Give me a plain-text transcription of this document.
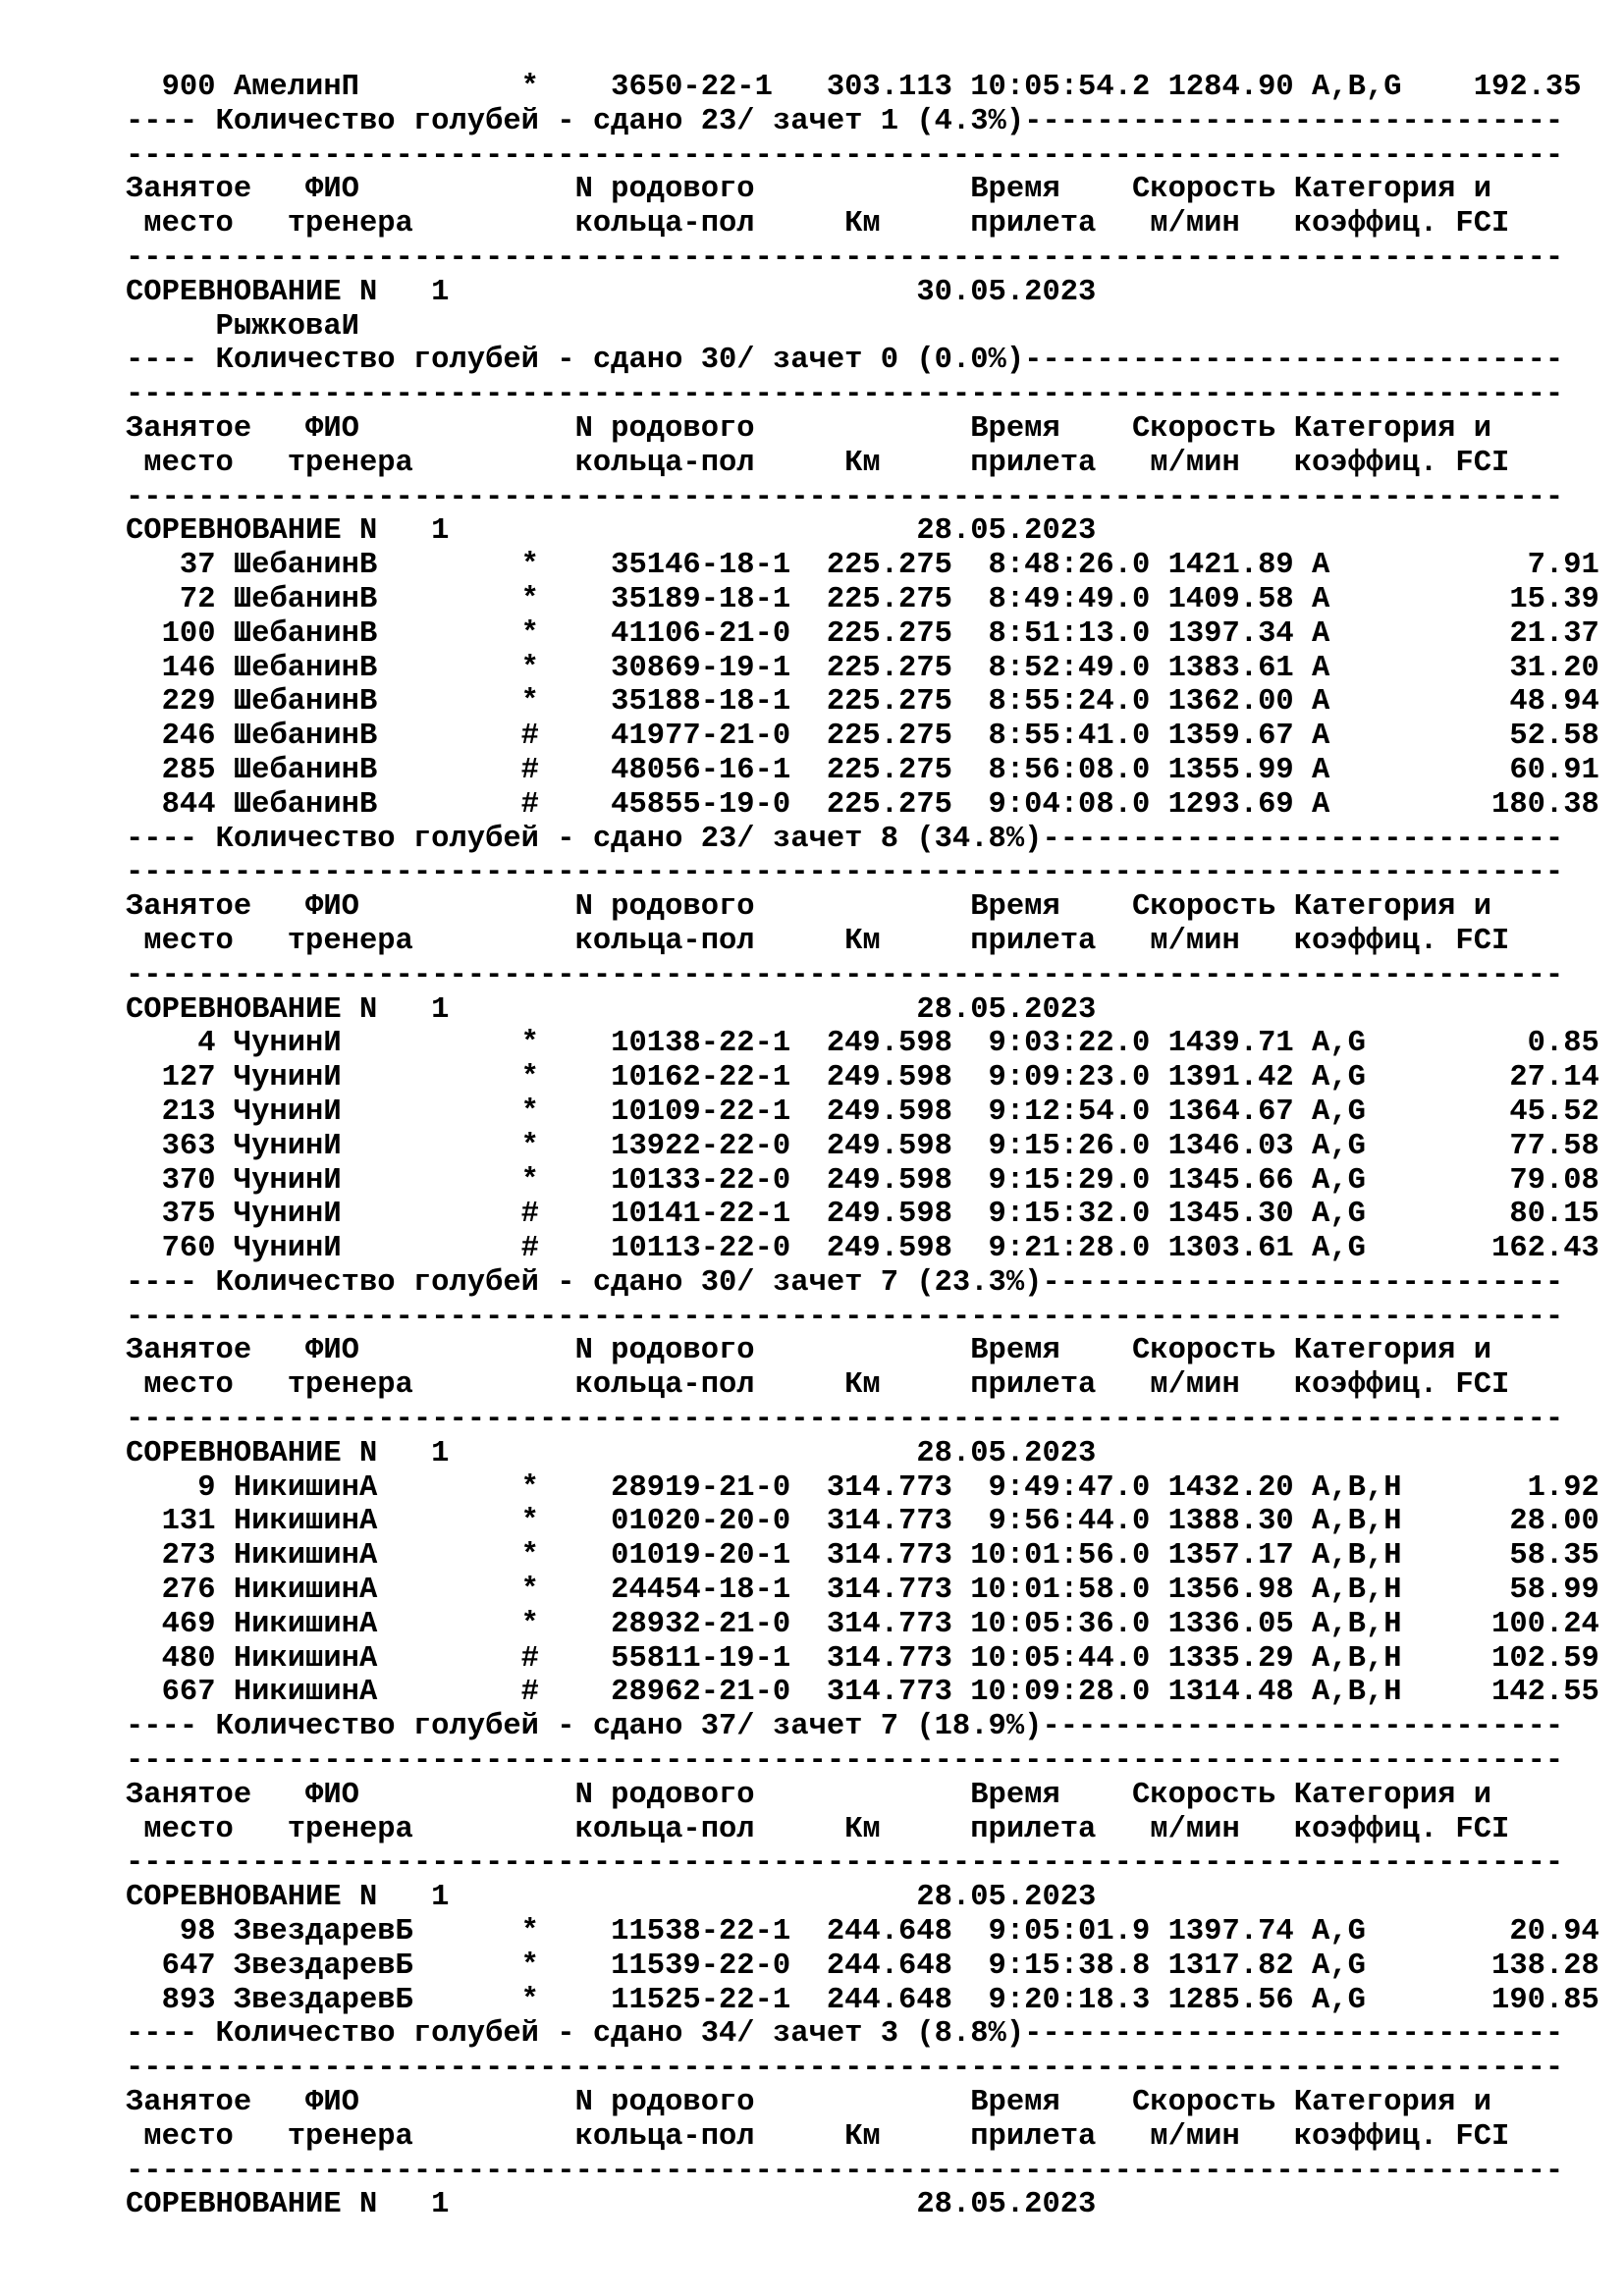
900 АмелинП         *    3650-22-1   303.113 10:05:54.2 1284.90 A,B,G    192.35
---- Количество голубей - сдано 23/ зачет 1 (4.3%)------------------------------
--------------------------------------------------------------------------------
Занятое   ФИО            N родового            Время    Скорость Категория и
место   тренера         кольца-пол     Км     прилета   м/мин   коэффиц. FCI
--------------------------------------------------------------------------------
СОРЕВНОВАНИЕ N   1                          30.05.2023
РыжковаИ
---- Количество голубей - сдано 30/ зачет 0 (0.0%)------------------------------
--------------------------------------------------------------------------------
Занятое   ФИО            N родового            Время    Скорость Категория и
место   тренера         кольца-пол     Км     прилета   м/мин   коэффиц. FCI
--------------------------------------------------------------------------------
СОРЕВНОВАНИЕ N   1                          28.05.2023
37 ШебанинВ        *    35146-18-1  225.275  8:48:26.0 1421.89 A           7.91
72 ШебанинВ        *    35189-18-1  225.275  8:49:49.0 1409.58 A          15.39
100 ШебанинВ        *    41106-21-0  225.275  8:51:13.0 1397.34 A          21.37
146 ШебанинВ        *    30869-19-1  225.275  8:52:49.0 1383.61 A          31.20
229 ШебанинВ        *    35188-18-1  225.275  8:55:24.0 1362.00 A          48.94
246 ШебанинВ        #    41977-21-0  225.275  8:55:41.0 1359.67 A          52.58
285 ШебанинВ        #    48056-16-1  225.275  8:56:08.0 1355.99 A          60.91
844 ШебанинВ        #    45855-19-0  225.275  9:04:08.0 1293.69 A         180.38
---- Количество голубей - сдано 23/ зачет 8 (34.8%)-----------------------------
--------------------------------------------------------------------------------
Занятое   ФИО            N родового            Время    Скорость Категория и
место   тренера         кольца-пол     Км     прилета   м/мин   коэффиц. FCI
--------------------------------------------------------------------------------
СОРЕВНОВАНИЕ N   1                          28.05.2023
4 ЧунинИ          *    10138-22-1  249.598  9:03:22.0 1439.71 A,G         0.85
127 ЧунинИ          *    10162-22-1  249.598  9:09:23.0 1391.42 A,G        27.14
213 ЧунинИ          *    10109-22-1  249.598  9:12:54.0 1364.67 A,G        45.52
363 ЧунинИ          *    13922-22-0  249.598  9:15:26.0 1346.03 A,G        77.58
370 ЧунинИ          *    10133-22-0  249.598  9:15:29.0 1345.66 A,G        79.08
375 ЧунинИ          #    10141-22-1  249.598  9:15:32.0 1345.30 A,G        80.15
760 ЧунинИ          #    10113-22-0  249.598  9:21:28.0 1303.61 A,G       162.43
---- Количество голубей - сдано 30/ зачет 7 (23.3%)-----------------------------
--------------------------------------------------------------------------------
Занятое   ФИО            N родового            Время    Скорость Категория и
место   тренера         кольца-пол     Км     прилета   м/мин   коэффиц. FCI
--------------------------------------------------------------------------------
СОРЕВНОВАНИЕ N   1                          28.05.2023
9 НикишинА        *    28919-21-0  314.773  9:49:47.0 1432.20 A,B,H       1.92
131 НикишинА        *    01020-20-0  314.773  9:56:44.0 1388.30 A,B,H      28.00
273 НикишинА        *    01019-20-1  314.773 10:01:56.0 1357.17 A,B,H      58.35
276 НикишинА        *    24454-18-1  314.773 10:01:58.0 1356.98 A,B,H      58.99
469 НикишинА        *    28932-21-0  314.773 10:05:36.0 1336.05 A,B,H     100.24
480 НикишинА        #    55811-19-1  314.773 10:05:44.0 1335.29 A,B,H     102.59
667 НикишинА        #    28962-21-0  314.773 10:09:28.0 1314.48 A,B,H     142.55
---- Количество голубей - сдано 37/ зачет 7 (18.9%)-----------------------------
--------------------------------------------------------------------------------
Занятое   ФИО            N родового            Время    Скорость Категория и
место   тренера         кольца-пол     Км     прилета   м/мин   коэффиц. FCI
--------------------------------------------------------------------------------
СОРЕВНОВАНИЕ N   1                          28.05.2023
98 ЗвездаревБ      *    11538-22-1  244.648  9:05:01.9 1397.74 A,G        20.94
647 ЗвездаревБ      *    11539-22-0  244.648  9:15:38.8 1317.82 A,G       138.28
893 ЗвездаревБ      *    11525-22-1  244.648  9:20:18.3 1285.56 A,G       190.85
---- Количество голубей - сдано 34/ зачет 3 (8.8%)------------------------------
--------------------------------------------------------------------------------
Занятое   ФИО            N родового            Время    Скорость Категория и
место   тренера         кольца-пол     Км     прилета   м/мин   коэффиц. FCI
--------------------------------------------------------------------------------
СОРЕВНОВАНИЕ N   1                          28.05.2023
